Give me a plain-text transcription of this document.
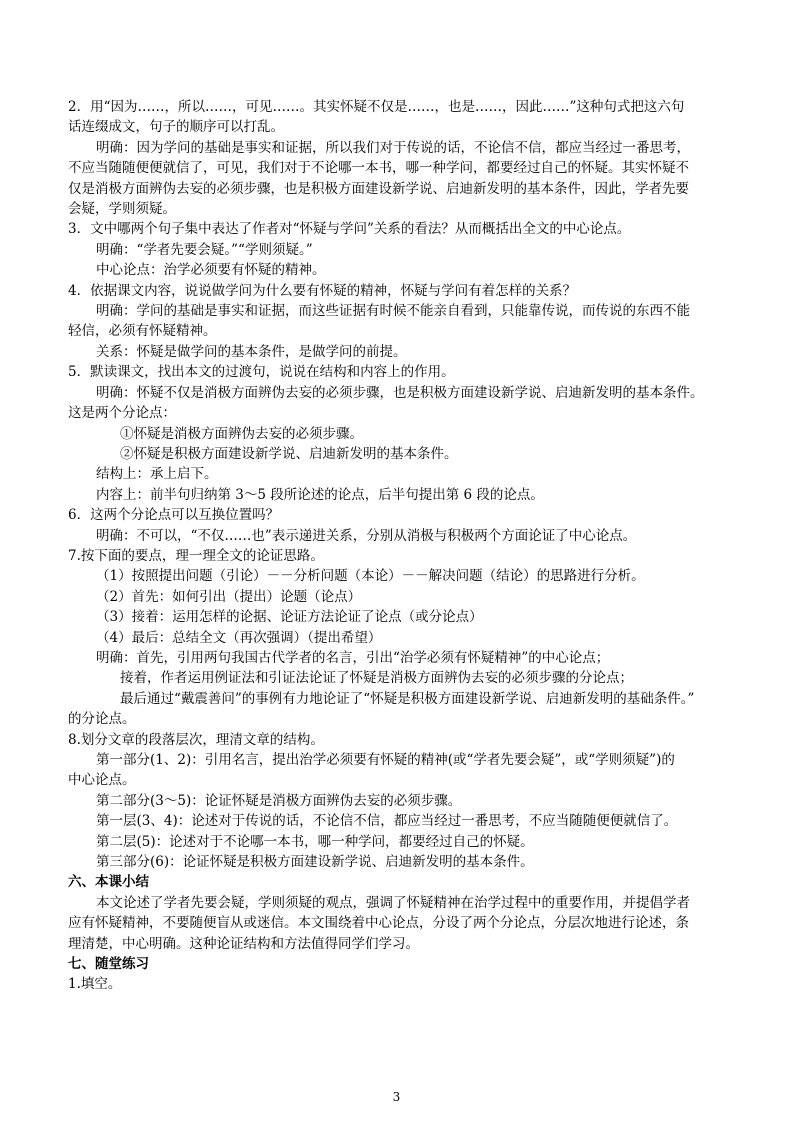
2．用“因为……，所以……，可见……。其实怀疑不仅是……，也是……，因此……”这种句式把这六句
话连缀成文，句子的顺序可以打乱。
明确：因为学问的基础是事实和证据，所以我们对于传说的话，不论信不信，都应当经过一番思考，
不应当随随便便就信了，可见，我们对于不论哪一本书，哪一种学问，都要经过自己的怀疑。其实怀疑不
仅是消极方面辨伪去妄的必须步骤，也是积极方面建设新学说、启迪新发明的基本条件，因此，学者先要
会疑，学则须疑。
3．文中哪两个句子集中表达了作者对“怀疑与学问”关系的看法？从而概括出全文的中心论点。
明确：“学者先要会疑。”“学则须疑。”
中心论点：治学必须要有怀疑的精神。
4．依据课文内容，说说做学问为什么要有怀疑的精神，怀疑与学问有着怎样的关系？
明确：学问的基础是事实和证据，而这些证据有时候不能亲自看到，只能靠传说，而传说的东西不能
轻信，必须有怀疑精神。
关系：怀疑是做学问的基本条件，是做学问的前提。
5．默读课文，找出本文的过渡句，说说在结构和内容上的作用。
明确：怀疑不仅是消极方面辨伪去妄的必须步骤，也是积极方面建设新学说、启迪新发明的基本条件。
这是两个分论点：
①怀疑是消极方面辨伪去妄的必须步骤。
②怀疑是积极方面建设新学说、启迪新发明的基本条件。
结构上：承上启下。
内容上：前半句归纳第 3～5 段所论述的论点，后半句提出第 6 段的论点。
6．这两个分论点可以互换位置吗？
明确：不可以，“不仅……也”表示递进关系，分别从消极与积极两个方面论证了中心论点。
7.按下面的要点，理一理全文的论证思路。
（1）按照提出问题（引论）－－分析问题（本论）－－解决问题（结论）的思路进行分析。
（2）首先：如何引出（提出）论题（论点）
（3）接着：运用怎样的论据、论证方法论证了论点（或分论点）
（4）最后：总结全文（再次强调）（提出希望）
明确：首先，引用两句我国古代学者的名言，引出“治学必须有怀疑精神”的中心论点；
接着，作者运用例证法和引证法论证了怀疑是消极方面辨伪去妄的必须步骤的分论点；
最后通过“戴震善问”的事例有力地论证了“怀疑是积极方面建设新学说、启迪新发明的基础条件。”
的分论点。
8.划分文章的段落层次，理清文章的结构。
第一部分(1、2)：引用名言，提出治学必须要有怀疑的精神(或“学者先要会疑”，或“学则须疑”)的
中心论点。
第二部分(3～5)：论证怀疑是消极方面辨伪去妄的必须步骤。
第一层(3、4)：论述对于传说的话，不论信不信，都应当经过一番思考，不应当随随便便就信了。
第二层(5)：论述对于不论哪一本书，哪一种学问，都要经过自己的怀疑。
第三部分(6)：论证怀疑是积极方面建设新学说、启迪新发明的基本条件。
六、本课小结
本文论述了学者先要会疑，学则须疑的观点，强调了怀疑精神在治学过程中的重要作用，并提倡学者
应有怀疑精神，不要随便盲从或迷信。本文围绕着中心论点，分设了两个分论点，分层次地进行论述，条
理清楚，中心明确。这种论证结构和方法值得同学们学习。
七、随堂练习
1.填空。
3
